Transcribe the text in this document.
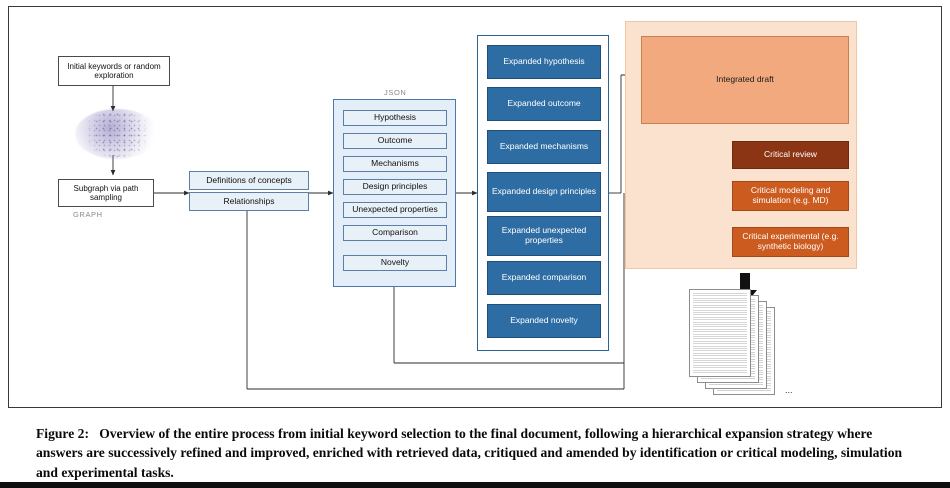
Initial keywords or random exploration
Subgraph via path sampling
GRAPH
Definitions of concepts
Relationships
JSON
Hypothesis
Outcome
Mechanisms
Design principles
Unexpected properties
Comparison
Novelty
Expanded hypothesis
Expanded outcome
Expanded mechanisms
Expanded design principles
Expanded unexpected properties
Expanded comparison
Expanded novelty
Integrated draft
Critical review
Critical modeling and simulation (e.g. MD)
Critical experimental (e.g. synthetic biology)
...
Figure 2: Overview of the entire process from initial keyword selection to the final document, following a hierarchical expansion strategy where answers are successively refined and improved, enriched with retrieved data, critiqued and amended by identification or critical modeling, simulation and experimental tasks.
